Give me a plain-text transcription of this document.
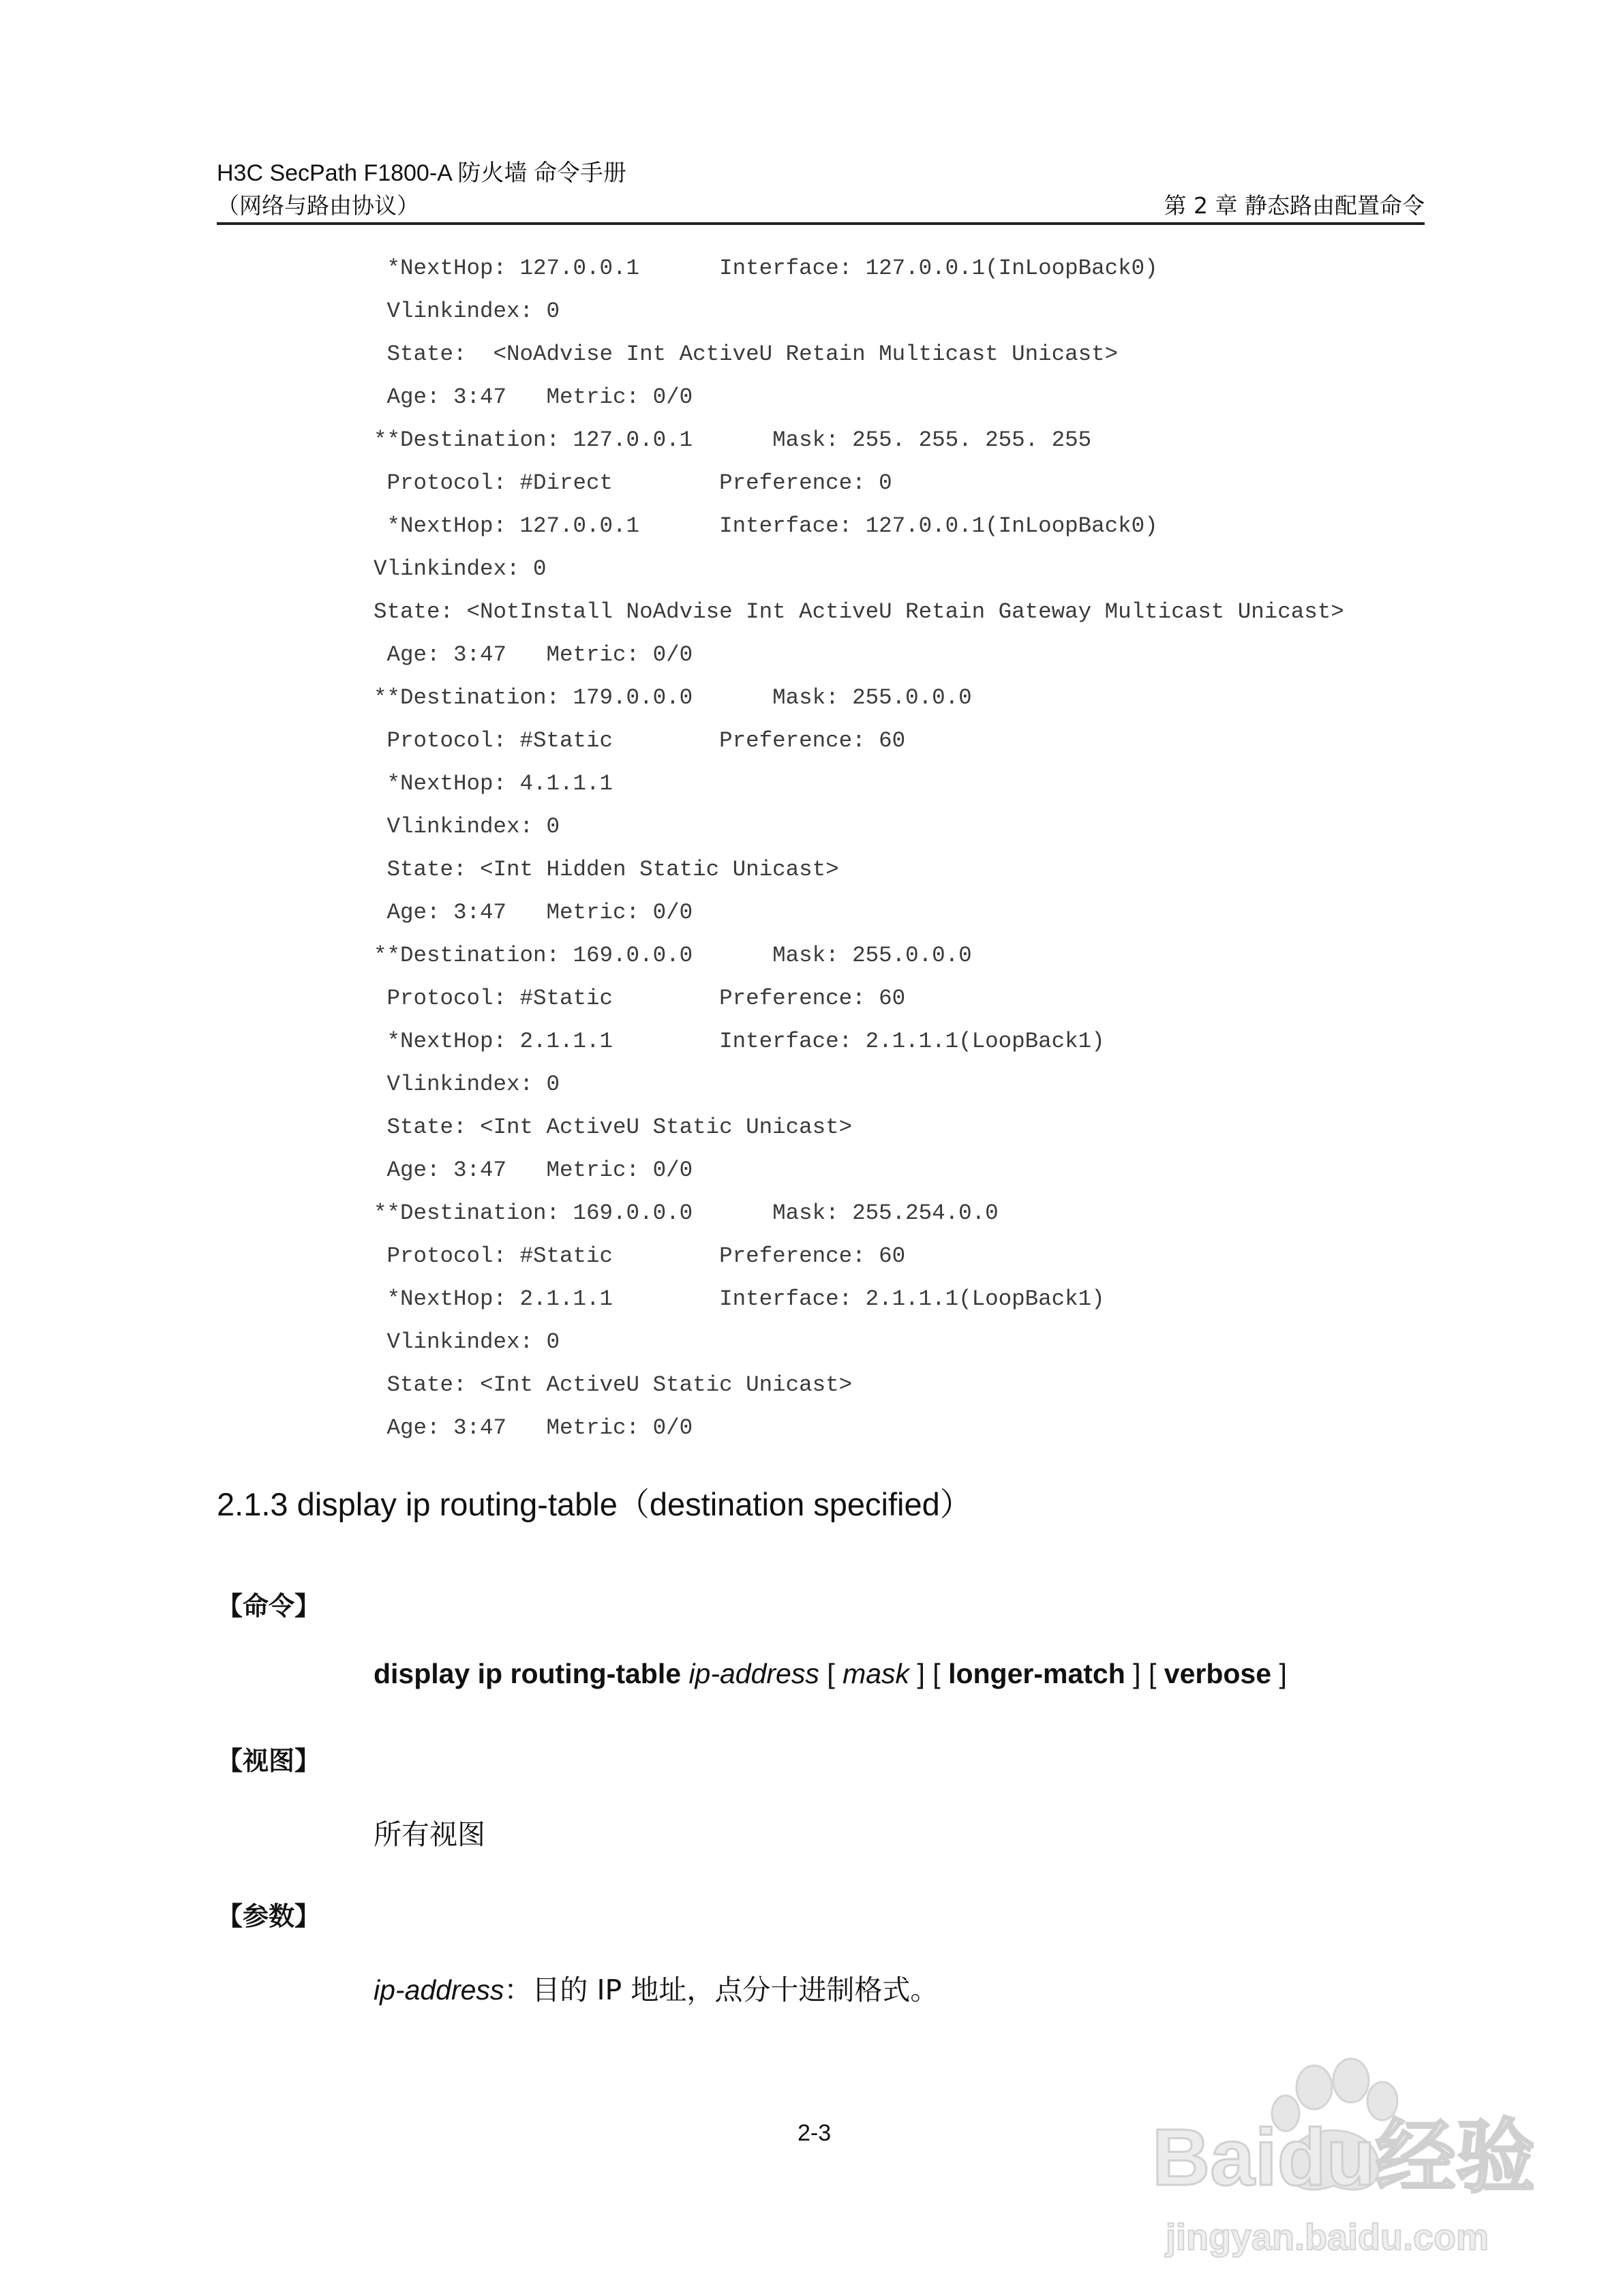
H3C SecPath F1800-A 防火墙 命令手册
（网络与路由协议）	第 2 章 静态路由配置命令
*NextHop: 127.0.0.1      Interface: 127.0.0.1(InLoopBack0)
Vlinkindex: 0
State:  <NoAdvise Int ActiveU Retain Multicast Unicast>
Age: 3:47   Metric: 0/0
**Destination: 127.0.0.1      Mask: 255. 255. 255. 255
Protocol: #Direct        Preference: 0
*NextHop: 127.0.0.1      Interface: 127.0.0.1(InLoopBack0)
Vlinkindex: 0
State: <NotInstall NoAdvise Int ActiveU Retain Gateway Multicast Unicast>
Age: 3:47   Metric: 0/0
**Destination: 179.0.0.0      Mask: 255.0.0.0
Protocol: #Static        Preference: 60
*NextHop: 4.1.1.1
Vlinkindex: 0
State: <Int Hidden Static Unicast>
Age: 3:47   Metric: 0/0
**Destination: 169.0.0.0      Mask: 255.0.0.0
Protocol: #Static        Preference: 60
*NextHop: 2.1.1.1        Interface: 2.1.1.1(LoopBack1)
Vlinkindex: 0
State: <Int ActiveU Static Unicast>
Age: 3:47   Metric: 0/0
**Destination: 169.0.0.0      Mask: 255.254.0.0
Protocol: #Static        Preference: 60
*NextHop: 2.1.1.1        Interface: 2.1.1.1(LoopBack1)
Vlinkindex: 0
State: <Int ActiveU Static Unicast>
Age: 3:47   Metric: 0/0
2.1.3 display ip routing-table（destination specified）
【命令】
display ip routing-table ip-address [ mask ] [ longer-match ] [ verbose ]
【视图】
所有视图
【参数】
ip-address：目的 IP 地址，点分十进制格式。
2-3	Baidu经验
jingyan.baidu.com
